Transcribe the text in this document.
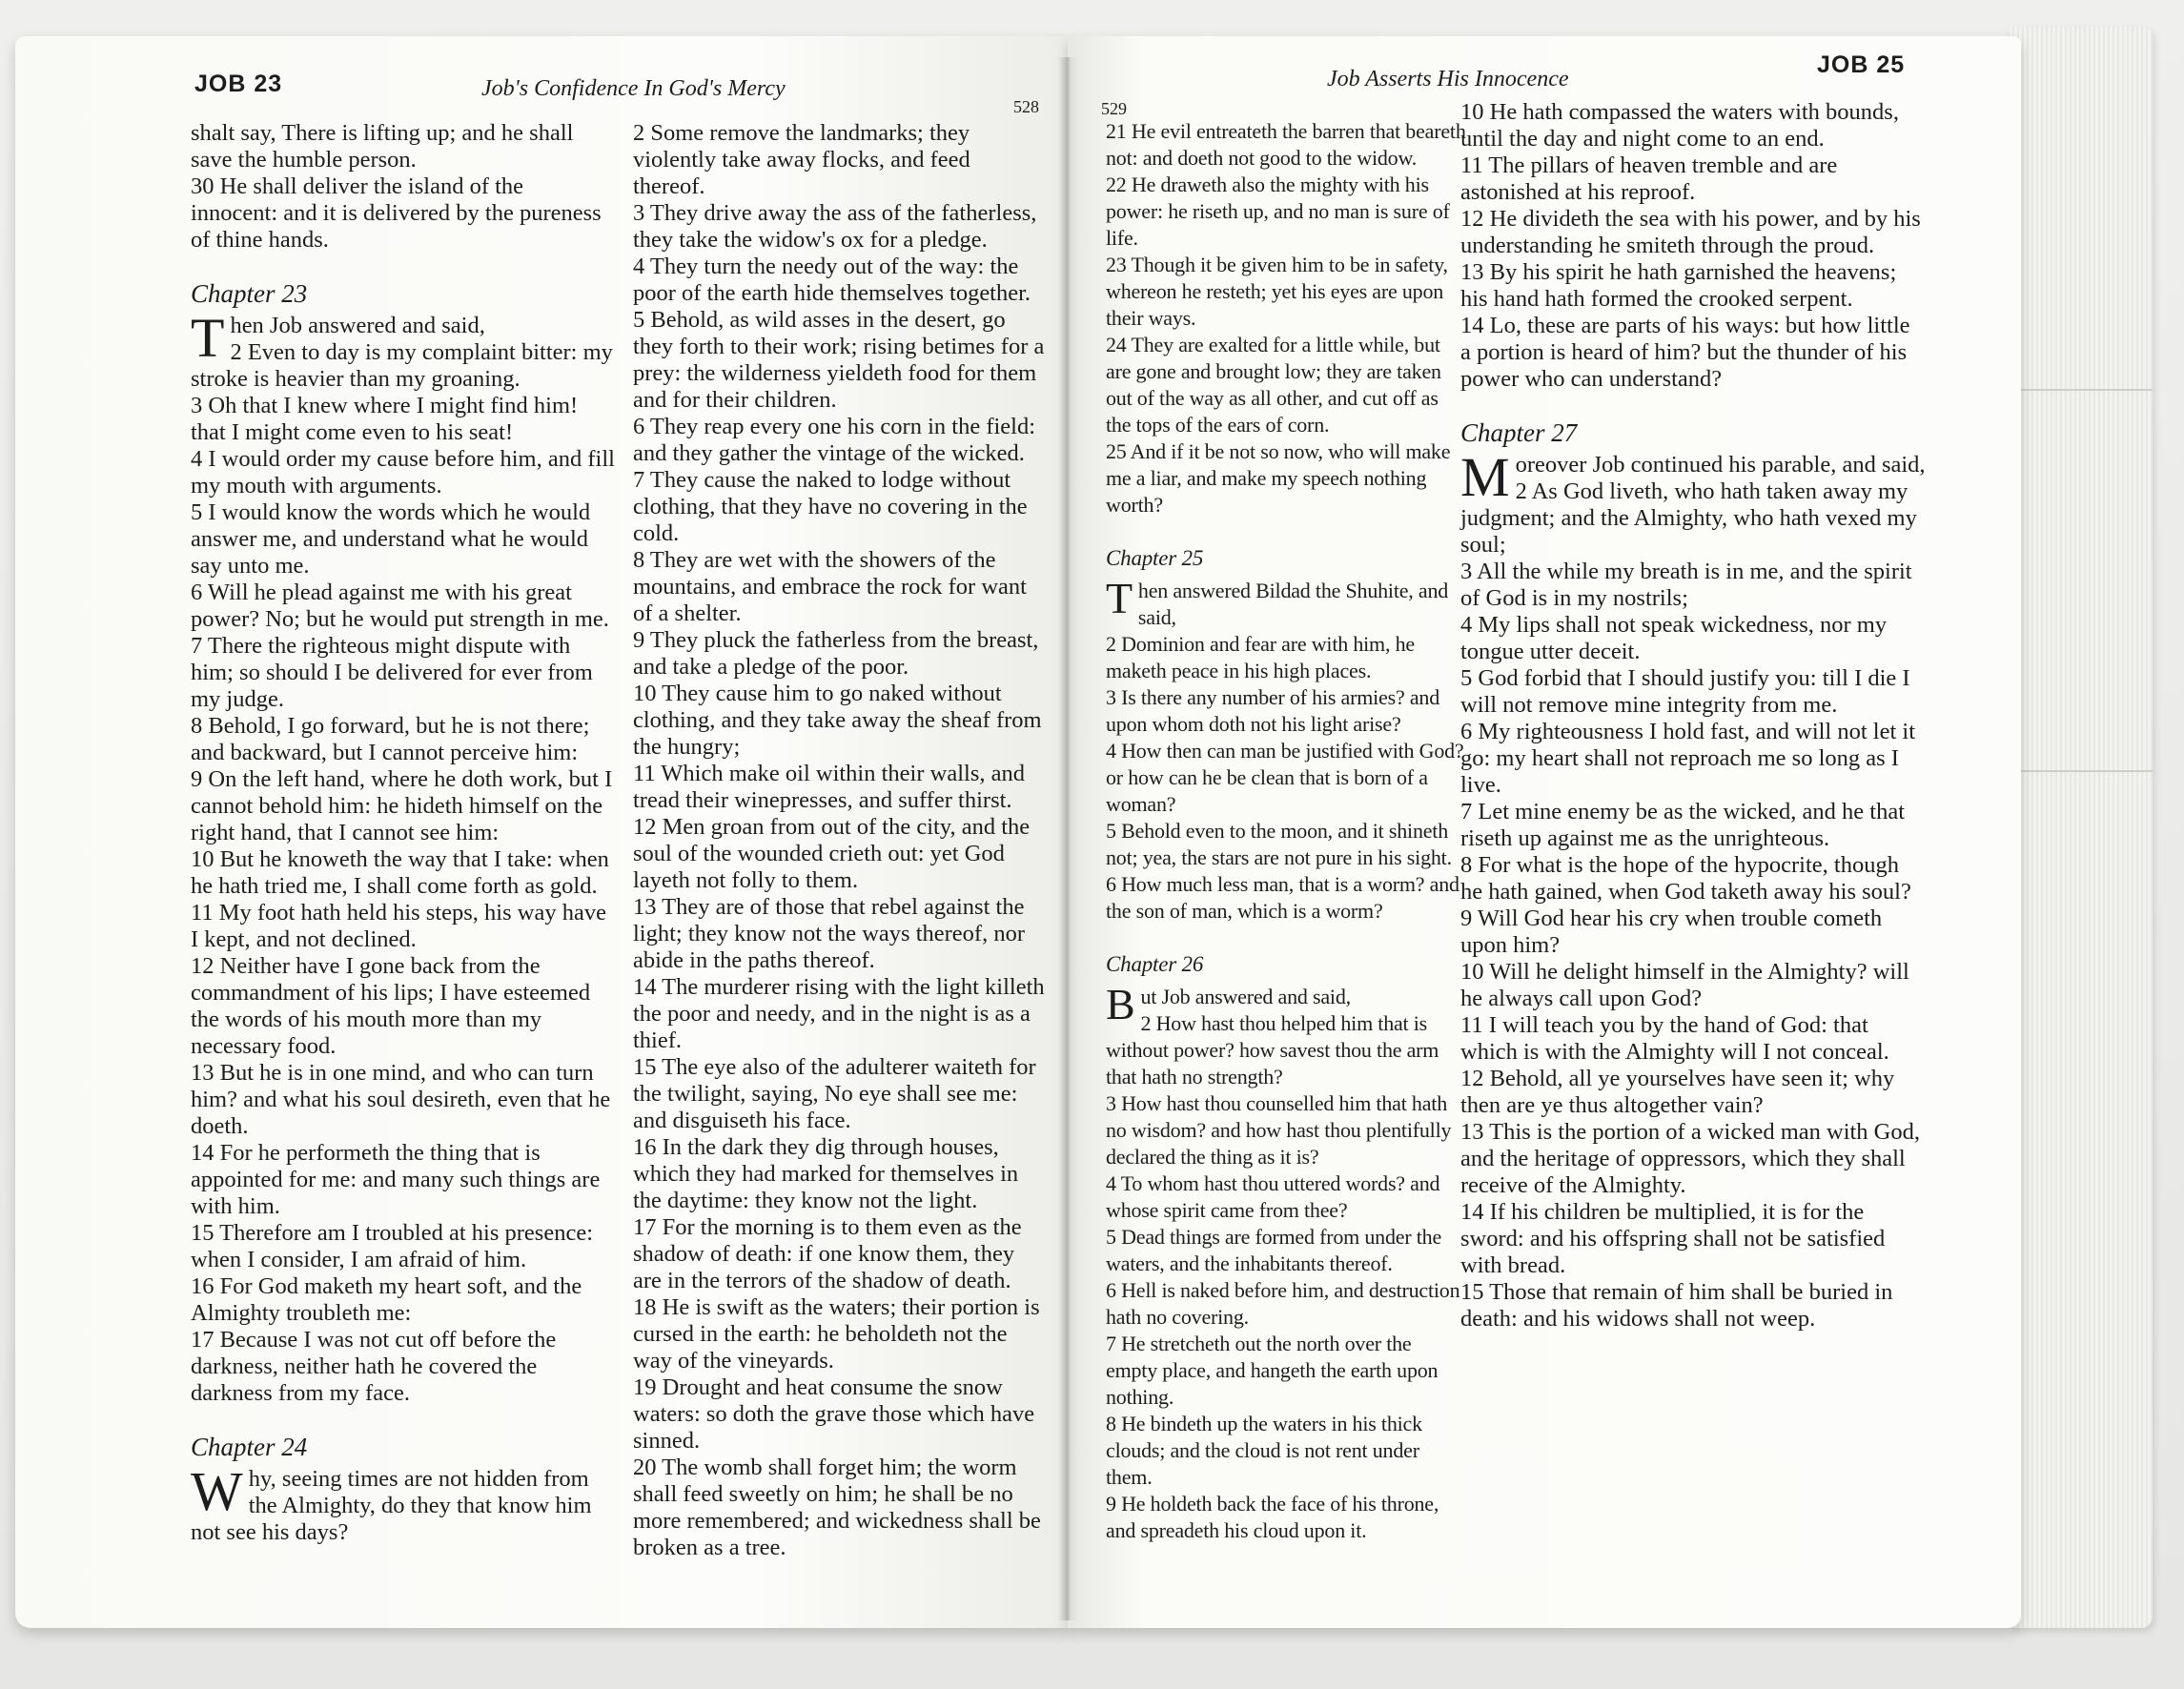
JOB 23	Job's Confidence In God's Mercy
528	529
Job Asserts His Innocence
JOB 25

shalt say, There is lifting up; and he shall save the humble person.

30 He shall deliver the island of the innocent: and it is delivered by the pureness of thine hands.

Chapter 23

Then Job answered and said,

2 Even to day is my complaint bitter: my stroke is heavier than my groaning.

3 Oh that I knew where I might find him! that I might come even to his seat!

4 I would order my cause before him, and fill my mouth with arguments.

5 I would know the words which he would answer me, and understand what he would say unto me.

6 Will he plead against me with his great power? No; but he would put strength in me.

7 There the righteous might dispute with him; so should I be delivered for ever from my judge.

8 Behold, I go forward, but he is not there; and backward, but I cannot perceive him:

9 On the left hand, where he doth work, but I cannot behold him: he hideth himself on the right hand, that I cannot see him:

10 But he knoweth the way that I take: when he hath tried me, I shall come forth as gold.

11 My foot hath held his steps, his way have I kept, and not declined.

12 Neither have I gone back from the commandment of his lips; I have esteemed the words of his mouth more than my necessary food.

13 But he is in one mind, and who can turn him? and what his soul desireth, even that he doeth.

14 For he performeth the thing that is appointed for me: and many such things are with him.

15 Therefore am I troubled at his presence: when I consider, I am afraid of him.

16 For God maketh my heart soft, and the Almighty troubleth me:

17 Because I was not cut off before the darkness, neither hath he covered the darkness from my face.

Chapter 24

Why, seeing times are not hidden from the Almighty, do they that know him not see his days?

2 Some remove the landmarks; they violently take away flocks, and feed thereof.

3 They drive away the ass of the fatherless, they take the widow's ox for a pledge.

4 They turn the needy out of the way: the poor of the earth hide themselves together.

5 Behold, as wild asses in the desert, go they forth to their work; rising betimes for a prey: the wilderness yieldeth food for them and for their children.

6 They reap every one his corn in the field: and they gather the vintage of the wicked.

7 They cause the naked to lodge without clothing, that they have no covering in the cold.

8 They are wet with the showers of the mountains, and embrace the rock for want of a shelter.

9 They pluck the fatherless from the breast, and take a pledge of the poor.

10 They cause him to go naked without clothing, and they take away the sheaf from the hungry;

11 Which make oil within their walls, and tread their winepresses, and suffer thirst.

12 Men groan from out of the city, and the soul of the wounded crieth out: yet God layeth not folly to them.

13 They are of those that rebel against the light; they know not the ways thereof, nor abide in the paths thereof.

14 The murderer rising with the light killeth the poor and needy, and in the night is as a thief.

15 The eye also of the adulterer waiteth for the twilight, saying, No eye shall see me: and disguiseth his face.

16 In the dark they dig through houses, which they had marked for themselves in the daytime: they know not the light.

17 For the morning is to them even as the shadow of death: if one know them, they are in the terrors of the shadow of death.

18 He is swift as the waters; their portion is cursed in the earth: he beholdeth not the way of the vineyards.

19 Drought and heat consume the snow waters: so doth the grave those which have sinned.

20 The womb shall forget him; the worm shall feed sweetly on him; he shall be no more remembered; and wickedness shall be broken as a tree.

21 He evil entreateth the barren that beareth not: and doeth not good to the widow.

22 He draweth also the mighty with his power: he riseth up, and no man is sure of life.

23 Though it be given him to be in safety, whereon he resteth; yet his eyes are upon their ways.

24 They are exalted for a little while, but are gone and brought low; they are taken out of the way as all other, and cut off as the tops of the ears of corn.

25 And if it be not so now, who will make me a liar, and make my speech nothing worth?

Chapter 25

Then answered Bildad the Shuhite, and said,

2 Dominion and fear are with him, he maketh peace in his high places.

3 Is there any number of his armies? and upon whom doth not his light arise?

4 How then can man be justified with God? or how can he be clean that is born of a woman?

5 Behold even to the moon, and it shineth not; yea, the stars are not pure in his sight.

6 How much less man, that is a worm? and the son of man, which is a worm?

Chapter 26

But Job answered and said,

2 How hast thou helped him that is without power? how savest thou the arm that hath no strength?

3 How hast thou counselled him that hath no wisdom? and how hast thou plentifully declared the thing as it is?

4 To whom hast thou uttered words? and whose spirit came from thee?

5 Dead things are formed from under the waters, and the inhabitants thereof.

6 Hell is naked before him, and destruction hath no covering.

7 He stretcheth out the north over the empty place, and hangeth the earth upon nothing.

8 He bindeth up the waters in his thick clouds; and the cloud is not rent under them.

9 He holdeth back the face of his throne, and spreadeth his cloud upon it.

10 He hath compassed the waters with bounds, until the day and night come to an end.

11 The pillars of heaven tremble and are astonished at his reproof.

12 He divideth the sea with his power, and by his understanding he smiteth through the proud.

13 By his spirit he hath garnished the heavens; his hand hath formed the crooked serpent.

14 Lo, these are parts of his ways: but how little a portion is heard of him? but the thunder of his power who can understand?

Chapter 27

Moreover Job continued his parable, and said,

2 As God liveth, who hath taken away my judgment; and the Almighty, who hath vexed my soul;

3 All the while my breath is in me, and the spirit of God is in my nostrils;

4 My lips shall not speak wickedness, nor my tongue utter deceit.

5 God forbid that I should justify you: till I die I will not remove mine integrity from me.

6 My righteousness I hold fast, and will not let it go: my heart shall not reproach me so long as I live.

7 Let mine enemy be as the wicked, and he that riseth up against me as the unrighteous.

8 For what is the hope of the hypocrite, though he hath gained, when God taketh away his soul?

9 Will God hear his cry when trouble cometh upon him?

10 Will he delight himself in the Almighty? will he always call upon God?

11 I will teach you by the hand of God: that which is with the Almighty will I not conceal.

12 Behold, all ye yourselves have seen it; why then are ye thus altogether vain?

13 This is the portion of a wicked man with God, and the heritage of oppressors, which they shall receive of the Almighty.

14 If his children be multiplied, it is for the sword: and his offspring shall not be satisfied with bread.

15 Those that remain of him shall be buried in death: and his widows shall not weep.
